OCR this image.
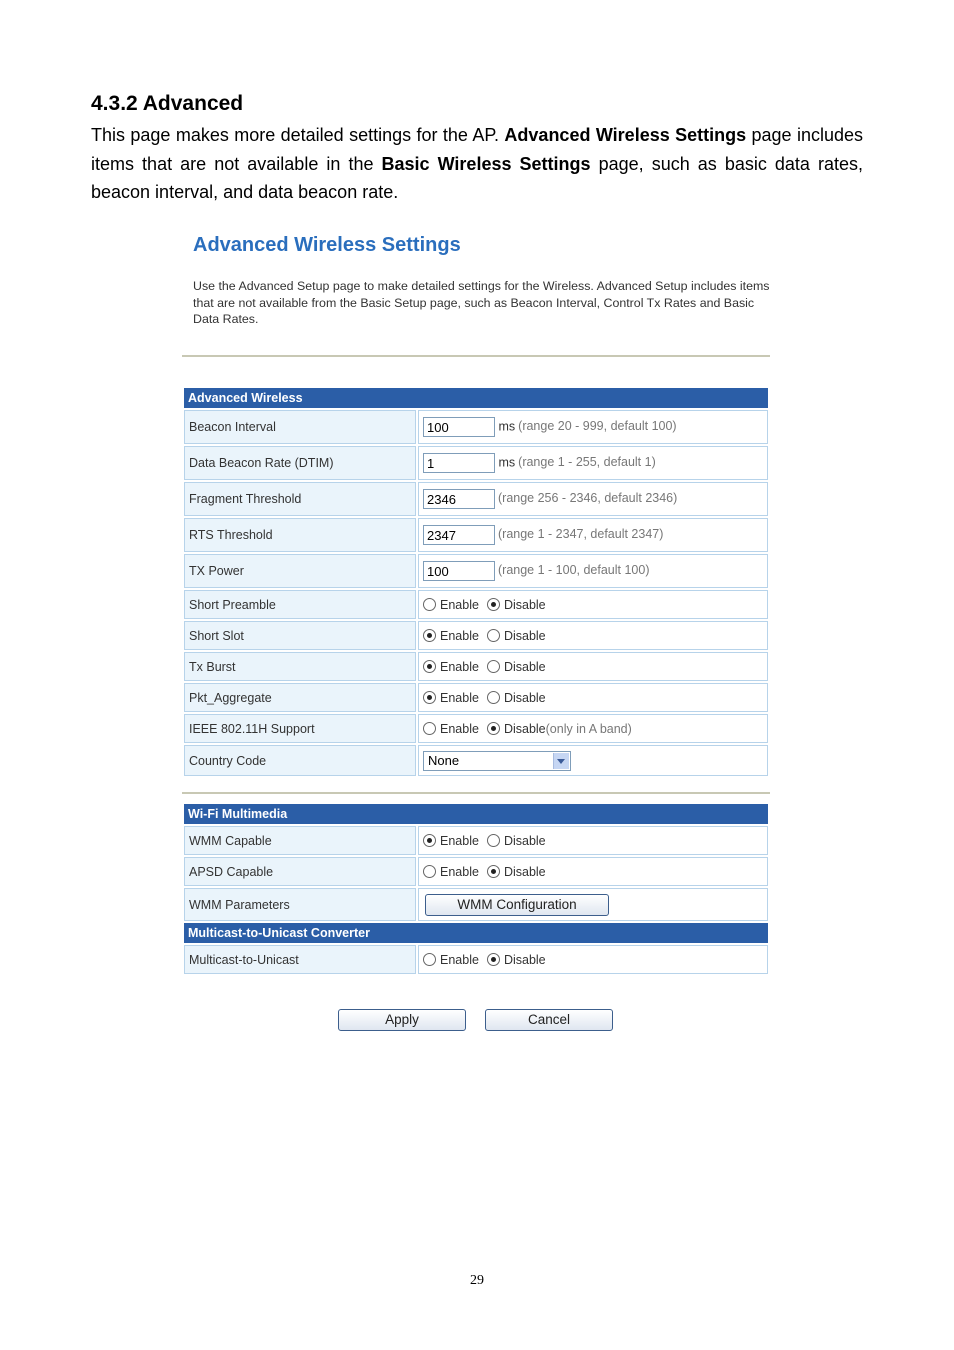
4.3.2 Advanced

This page makes more detailed settings for the AP. Advanced Wireless Settings page includes items that are not available in the Basic Wireless Settings page, such as basic data rates, beacon interval, and data beacon rate.

Advanced Wireless Settings

Use the Advanced Setup page to make detailed settings for the Wireless. Advanced Setup includes items that are not available from the Basic Setup page, such as Beacon Interval, Control Tx Rates and Basic Data Rates.

Advanced Wireless	
Beacon Interval	100 ms (range 20 - 999, default 100)
Data Beacon Rate (DTIM)	1 ms (range 1 - 255, default 1)
Fragment Threshold	2346 (range 256 - 2346, default 2346)
RTS Threshold	2347 (range 1 - 2347, default 2347)
TX Power	100 (range 1 - 100, default 100)
Short Preamble	Enable Disable
Short Slot	Enable Disable
Tx Burst	Enable Disable
Pkt_Aggregate	Enable Disable
IEEE 802.11H Support	Enable Disable(only in A band)
Country Code	None
Wi-Fi Multimedia	
WMM Capable	Enable Disable
APSD Capable	Enable Disable
WMM Parameters	WMM Configuration
Multicast-to-Unicast Converter	
Multicast-to-Unicast	Enable Disable
Apply	Cancel
29
